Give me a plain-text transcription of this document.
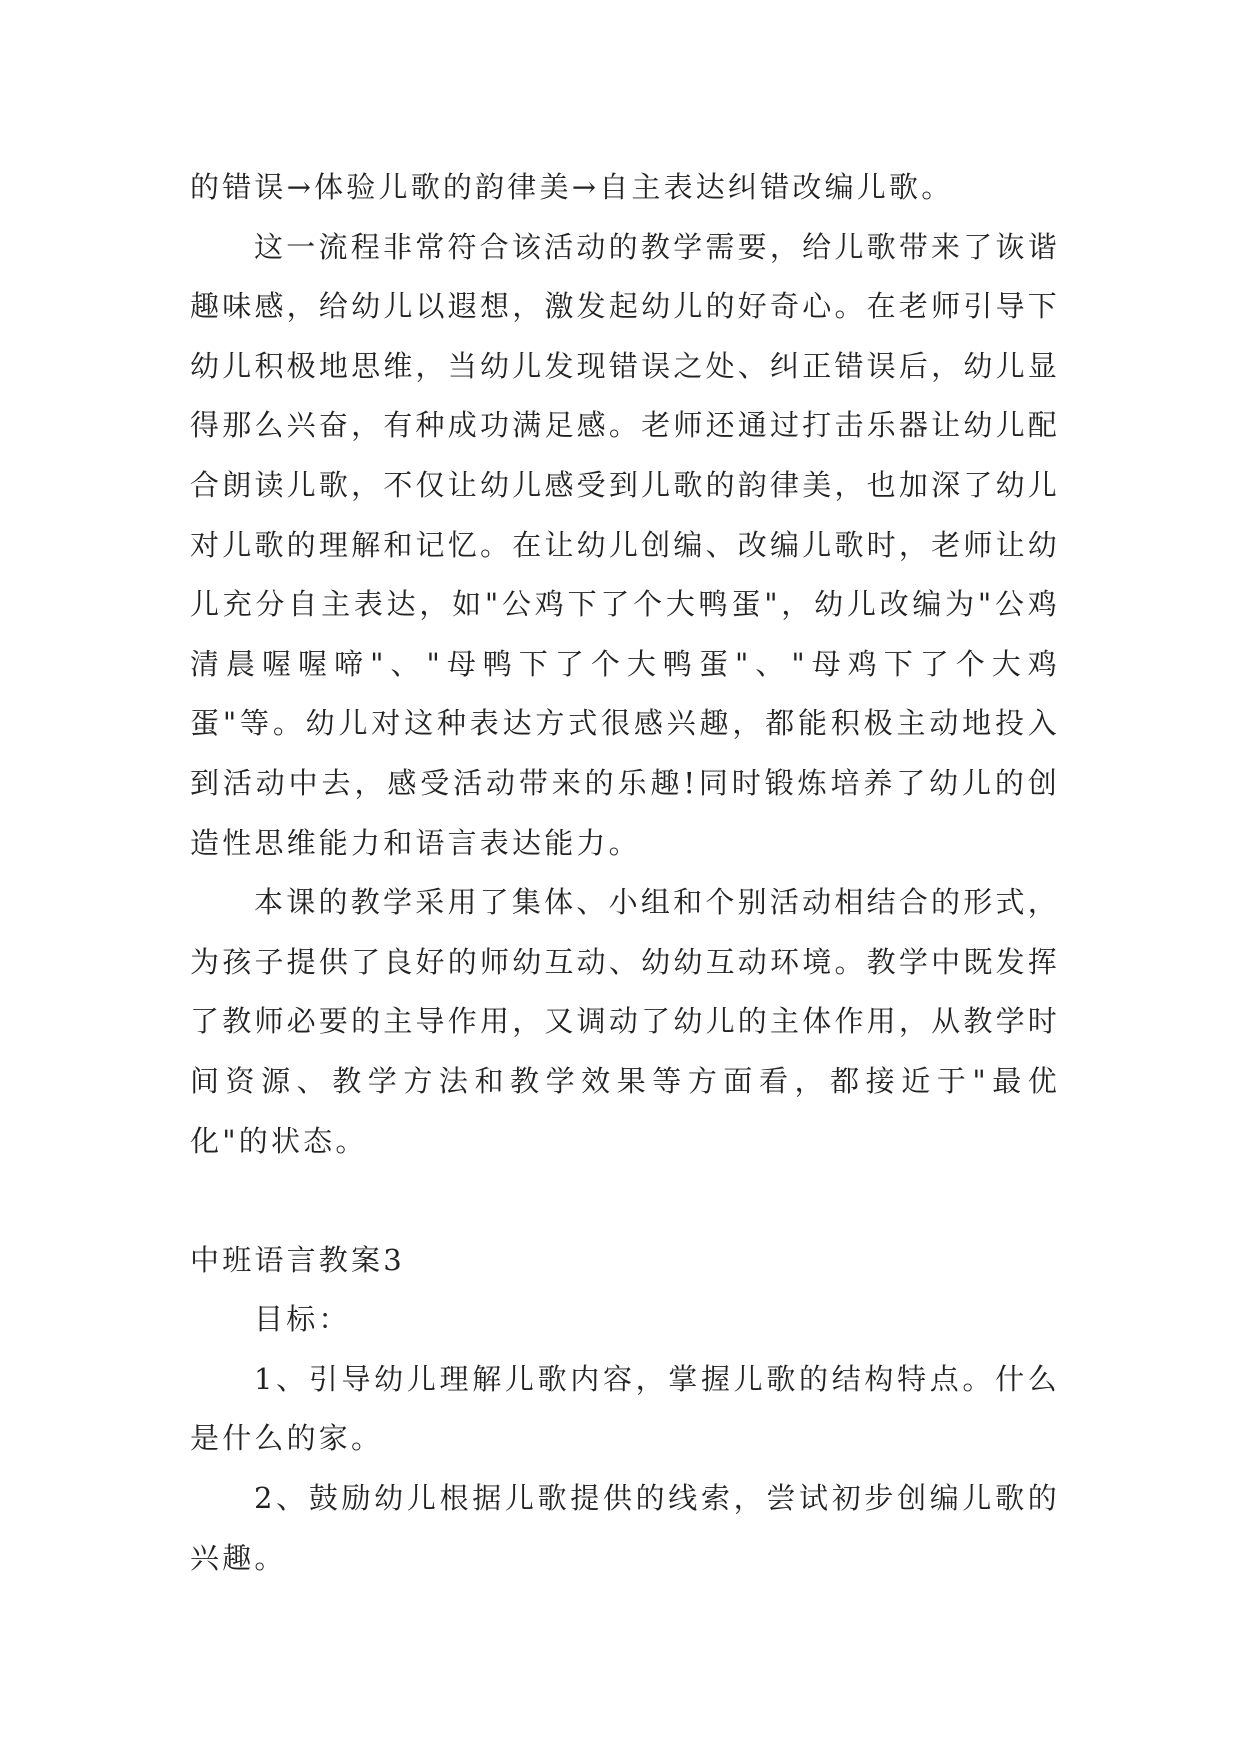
的错误→体验儿歌的韵律美→自主表达纠错改编儿歌。

这一流程非常符合该活动的教学需要，给儿歌带来了诙谐趣味感，给幼儿以遐想，激发起幼儿的好奇心。在老师引导下幼儿积极地思维，当幼儿发现错误之处、纠正错误后，幼儿显得那么兴奋，有种成功满足感。老师还通过打击乐器让幼儿配合朗读儿歌，不仅让幼儿感受到儿歌的韵律美，也加深了幼儿对儿歌的理解和记忆。在让幼儿创编、改编儿歌时，老师让幼儿充分自主表达，如"公鸡下了个大鸭蛋"，幼儿改编为"公鸡清晨喔喔啼"、"母鸭下了个大鸭蛋"、"母鸡下了个大鸡蛋"等。幼儿对这种表达方式很感兴趣，都能积极主动地投入到活动中去，感受活动带来的乐趣!同时锻炼培养了幼儿的创造性思维能力和语言表达能力。

本课的教学采用了集体、小组和个别活动相结合的形式，为孩子提供了良好的师幼互动、幼幼互动环境。教学中既发挥了教师必要的主导作用，又调动了幼儿的主体作用，从教学时间资源、教学方法和教学效果等方面看，都接近于"最优化"的状态。

中班语言教案3

目标：

1、引导幼儿理解儿歌内容，掌握儿歌的结构特点。什么是什么的家。

2、鼓励幼儿根据儿歌提供的线索，尝试初步创编儿歌的兴趣。
